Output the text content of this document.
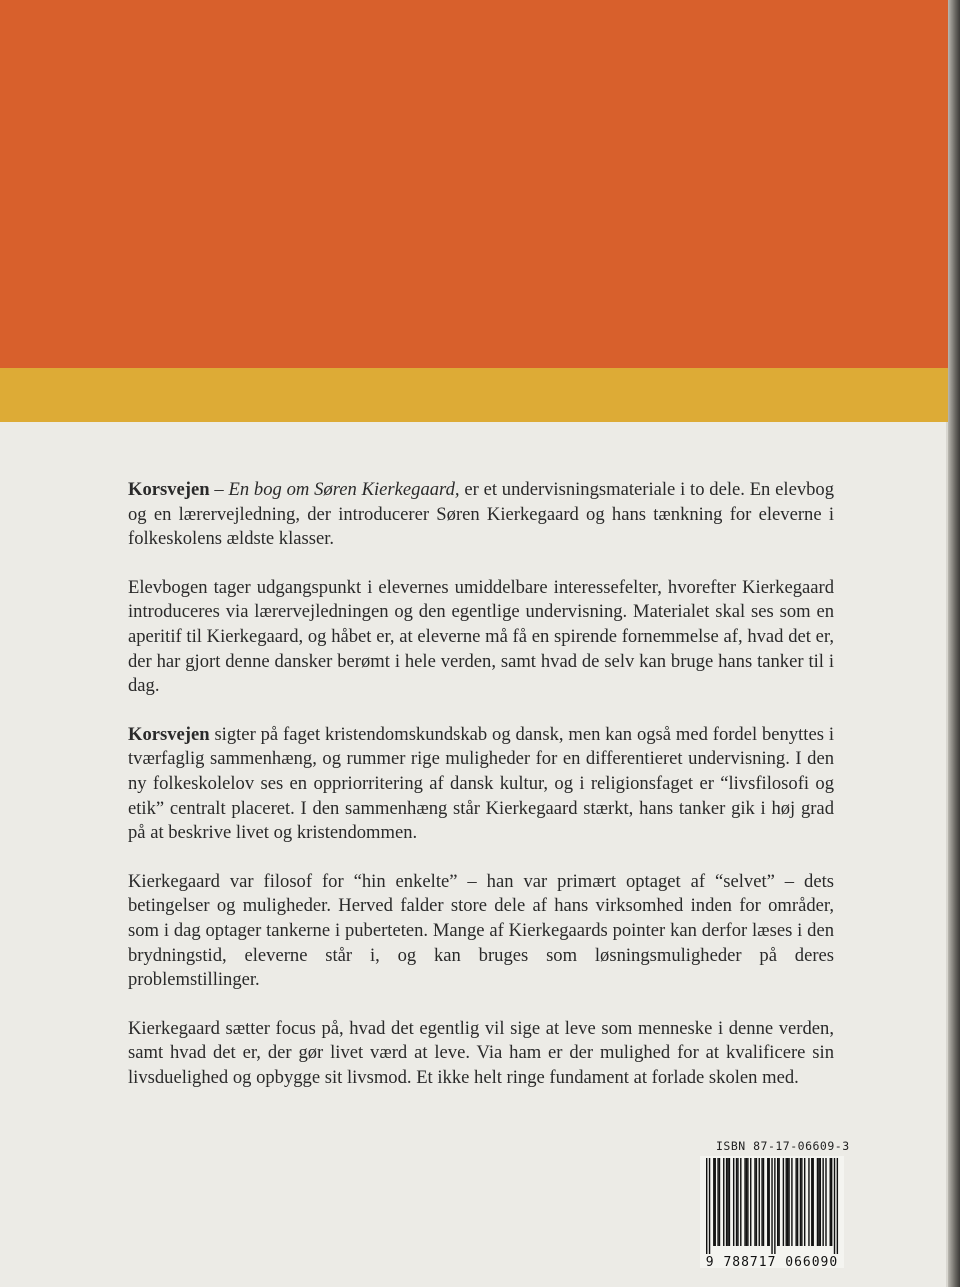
Korsvejen – En bog om Søren Kierkegaard, er et undervisningsmateriale i to dele. En elevbog og en lærervejledning, der introducerer Søren Kierkegaard og hans tænkning for eleverne i folkeskolens ældste klasser.

Elevbogen tager udgangspunkt i elevernes umiddelbare interessefelter, hvorefter Kierkegaard introduceres via lærervejledningen og den egentlige undervisning. Materialet skal ses som en aperitif til Kierkegaard, og håbet er, at eleverne må få en spirende fornemmelse af, hvad det er, der har gjort denne dansker berømt i hele verden, samt hvad de selv kan bruge hans tanker til i dag.

Korsvejen sigter på faget kristendomskundskab og dansk, men kan også med fordel benyttes i tværfaglig sammenhæng, og rummer rige muligheder for en differentieret undervisning. I den ny folkeskolelov ses en oppriorritering af dansk kultur, og i religionsfaget er “livsfilosofi og etik” centralt placeret. I den sammenhæng står Kierkegaard stærkt, hans tanker gik i høj grad på at beskrive livet og kristendommen.

Kierkegaard var filosof for “hin enkelte” – han var primært optaget af “selvet” – dets betingelser og muligheder. Herved falder store dele af hans virksomhed inden for områder, som i dag optager tankerne i puberteten. Mange af Kierkegaards pointer kan derfor læses i den brydningstid, eleverne står i, og kan bruges som løsningsmuligheder på deres problemstillinger.

Kierkegaard sætter focus på, hvad det egentlig vil sige at leve som menneske i denne verden, samt hvad det er, der gør livet værd at leve. Via ham er der mulighed for at kvalificere sin livsduelighed og opbygge sit livsmod. Et ikke helt ringe fundament at forlade skolen med.

ISBN 87-17-06609-3
9 788717 066090
